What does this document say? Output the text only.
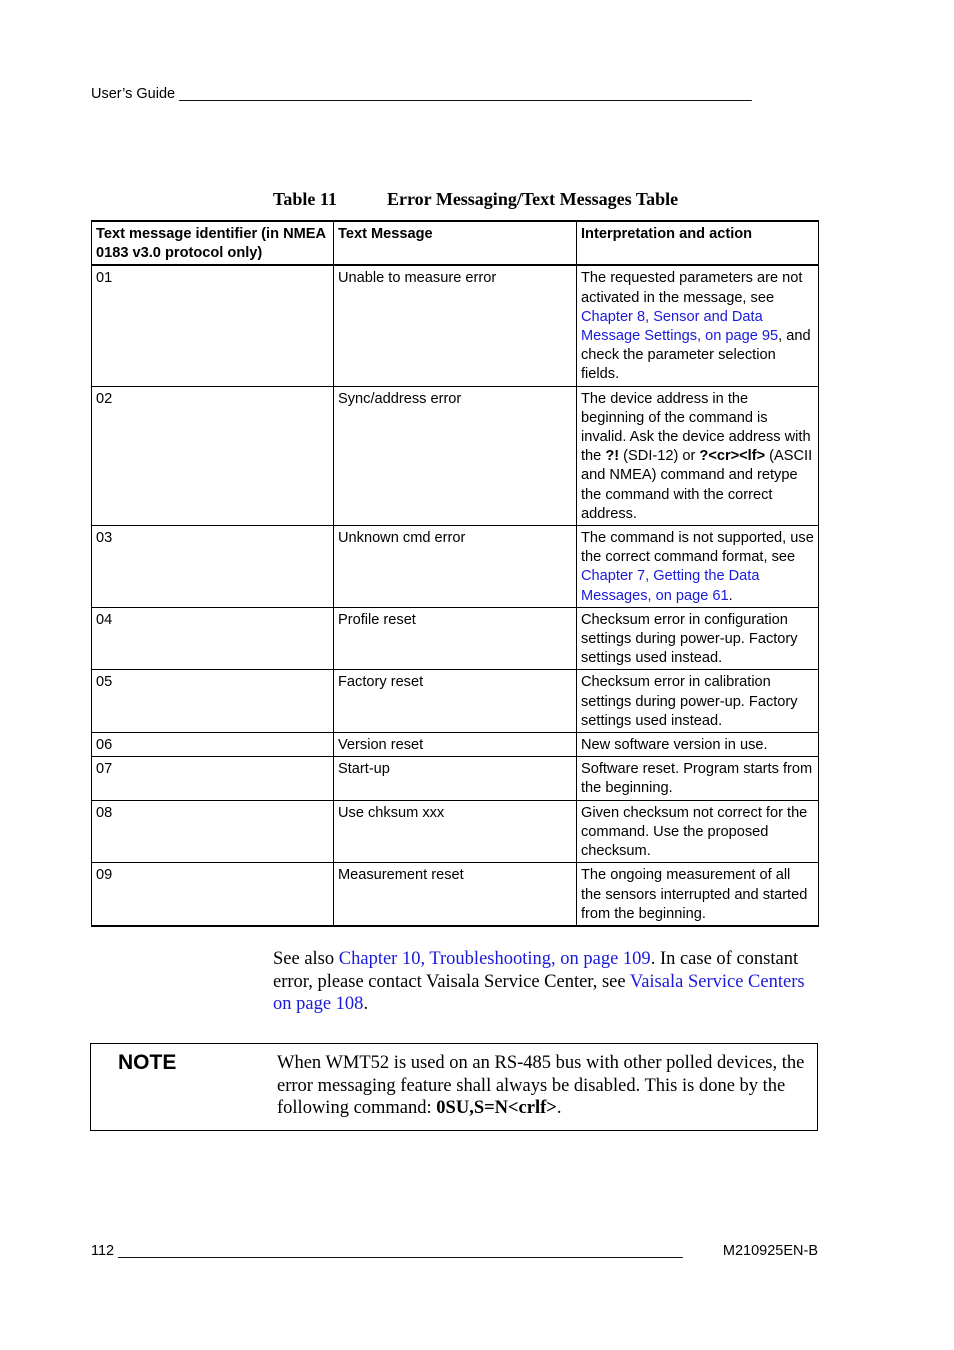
User’s Guide _______________________________________________________________________
Table 11	Error Messaging/Text Messages Table
Text message identifier (in NMEA 0183 v3.0 protocol only)	Text Message	Interpretation and action
01	Unable to measure error	The requested parameters are not activated in the message, see Chapter 8, Sensor and Data Message Settings, on page 95, and check the parameter selection fields.
02	Sync/address error	The device address in the beginning of the command is invalid. Ask the device address with the ?! (SDI-12) or ?<cr><lf> (ASCII and NMEA) command and retype the command with the correct address.
03	Unknown cmd error	The command is not supported, use the correct command format, see Chapter 7, Getting the Data Messages, on page 61.
04	Profile reset	Checksum error in configuration settings during power-up. Factory settings used instead.
05	Factory reset	Checksum error in calibration settings during power-up. Factory settings used instead.
06	Version reset	New software version in use.
07	Start-up	Software reset. Program starts from the beginning.
08	Use chksum xxx	Given checksum not correct for the command. Use the proposed checksum.
09	Measurement reset	The ongoing measurement of all the sensors interrupted and started from the beginning.
See also Chapter 10, Troubleshooting, on page 109. In case of constant error, please contact Vaisala Service Center, see Vaisala Service Centers on page 108.
NOTE	When WMT52 is used on an RS-485 bus with other polled devices, the error messaging feature shall always be disabled. This is done by the following command: 0SU,S=N<crlf>.
112 ______________________________________________________________________	M210925EN-B
